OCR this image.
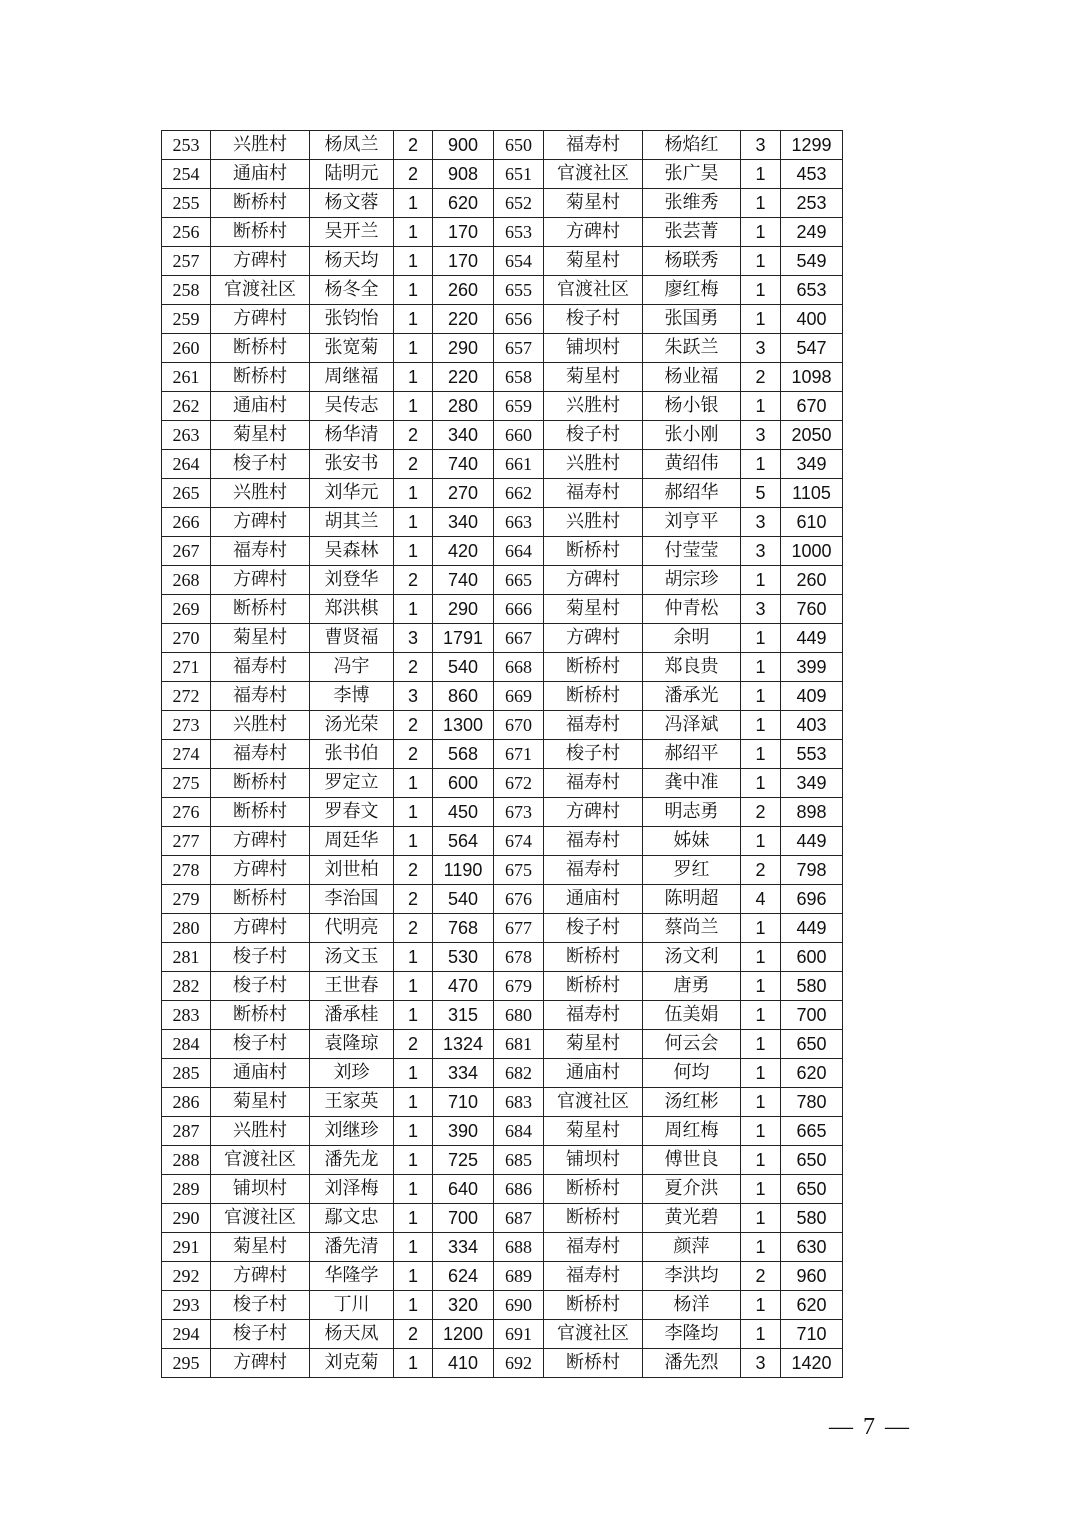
253	兴胜村	杨凤兰	2	900	650	福寿村	杨焰红	3	1299
254	通庙村	陆明元	2	908	651	官渡社区	张广昊	1	453
255	断桥村	杨文蓉	1	620	652	菊星村	张维秀	1	253
256	断桥村	吴开兰	1	170	653	方碑村	张芸菁	1	249
257	方碑村	杨天均	1	170	654	菊星村	杨联秀	1	549
258	官渡社区	杨冬全	1	260	655	官渡社区	廖红梅	1	653
259	方碑村	张钧怡	1	220	656	梭子村	张国勇	1	400
260	断桥村	张宽菊	1	290	657	铺坝村	朱跃兰	3	547
261	断桥村	周继福	1	220	658	菊星村	杨业福	2	1098
262	通庙村	吴传志	1	280	659	兴胜村	杨小银	1	670
263	菊星村	杨华清	2	340	660	梭子村	张小刚	3	2050
264	梭子村	张安书	2	740	661	兴胜村	黄绍伟	1	349
265	兴胜村	刘华元	1	270	662	福寿村	郝绍华	5	1105
266	方碑村	胡其兰	1	340	663	兴胜村	刘亨平	3	610
267	福寿村	吴森林	1	420	664	断桥村	付莹莹	3	1000
268	方碑村	刘登华	2	740	665	方碑村	胡宗珍	1	260
269	断桥村	郑洪棋	1	290	666	菊星村	仲青松	3	760
270	菊星村	曹贤福	3	1791	667	方碑村	余明	1	449
271	福寿村	冯宇	2	540	668	断桥村	郑良贵	1	399
272	福寿村	李博	3	860	669	断桥村	潘承光	1	409
273	兴胜村	汤光荣	2	1300	670	福寿村	冯泽斌	1	403
274	福寿村	张书伯	2	568	671	梭子村	郝绍平	1	553
275	断桥村	罗定立	1	600	672	福寿村	龚中准	1	349
276	断桥村	罗春文	1	450	673	方碑村	明志勇	2	898
277	方碑村	周廷华	1	564	674	福寿村	姊妹	1	449
278	方碑村	刘世柏	2	1190	675	福寿村	罗红	2	798
279	断桥村	李治国	2	540	676	通庙村	陈明超	4	696
280	方碑村	代明亮	2	768	677	梭子村	蔡尚兰	1	449
281	梭子村	汤文玉	1	530	678	断桥村	汤文利	1	600
282	梭子村	王世春	1	470	679	断桥村	唐勇	1	580
283	断桥村	潘承桂	1	315	680	福寿村	伍美娟	1	700
284	梭子村	袁隆琼	2	1324	681	菊星村	何云会	1	650
285	通庙村	刘珍	1	334	682	通庙村	何均	1	620
286	菊星村	王家英	1	710	683	官渡社区	汤红彬	1	780
287	兴胜村	刘继珍	1	390	684	菊星村	周红梅	1	665
288	官渡社区	潘先龙	1	725	685	铺坝村	傅世良	1	650
289	铺坝村	刘泽梅	1	640	686	断桥村	夏介洪	1	650
290	官渡社区	鄢文忠	1	700	687	断桥村	黄光碧	1	580
291	菊星村	潘先清	1	334	688	福寿村	颜萍	1	630
292	方碑村	华隆学	1	624	689	福寿村	李洪均	2	960
293	梭子村	丁川	1	320	690	断桥村	杨洋	1	620
294	梭子村	杨天凤	2	1200	691	官渡社区	李隆均	1	710
295	方碑村	刘克菊	1	410	692	断桥村	潘先烈	3	1420
— 7 —
